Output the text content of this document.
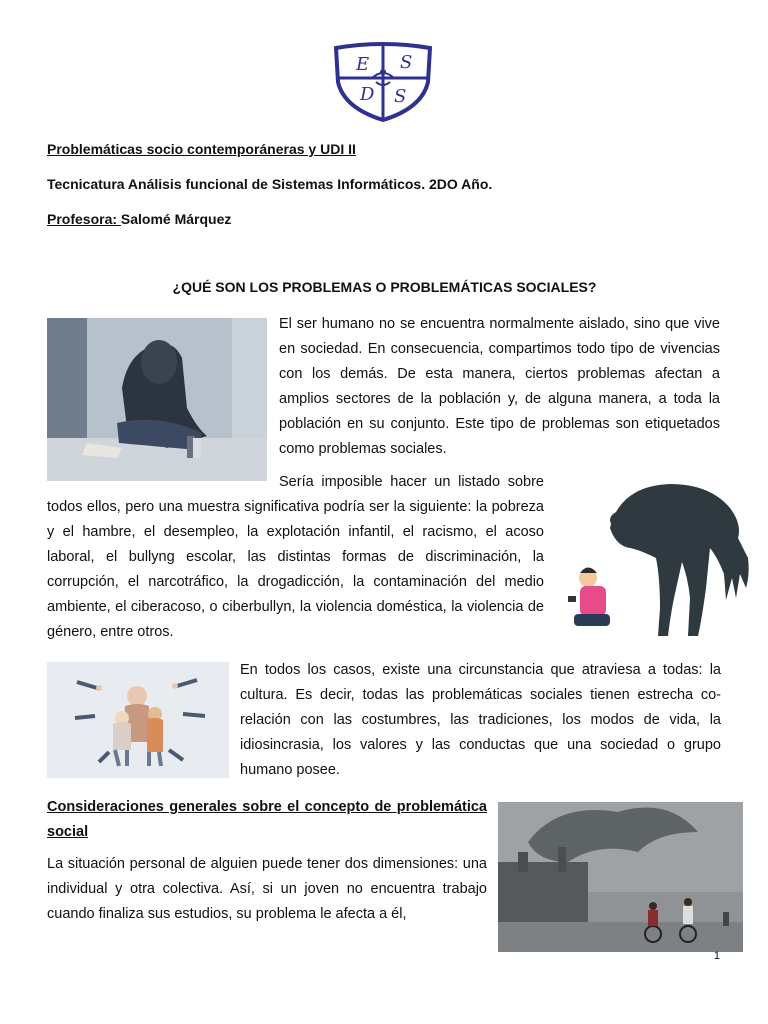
E S
D S
Problemáticas socio contemporáneras y UDI II
Tecnicatura Análisis funcional de Sistemas Informáticos. 2DO Año.
Profesora: Salomé Márquez
¿QUÉ SON LOS PROBLEMAS O PROBLEMÁTICAS SOCIALES?
El ser humano no se encuentra normalmente aislado, sino que vive en sociedad. En consecuencia, compartimos todo tipo de vivencias con los demás. De esta manera, ciertos problemas afectan a amplios sectores de la población y, de alguna manera, a toda la población en su conjunto. Este tipo de problemas son etiquetados como problemas sociales.
Sería imposible hacer un listado sobre todos ellos, pero una muestra significativa podría ser la siguiente: la pobreza y el hambre, el desempleo, la explotación infantil, el racismo, el acoso laboral, el bullyng escolar, las distintas formas de discriminación, la corrupción, el narcotráfico, la drogadicción, la contaminación del medio ambiente, el ciberacoso, o ciberbullyn, la violencia doméstica, la violencia de género, entre otros.
En todos los casos, existe una circunstancia que atraviesa a todas: la cultura. Es decir, todas las problemáticas sociales tienen estrecha co-relación con las costumbres, las tradiciones, los modos de vida, la idiosincrasia, los valores y las conductas que una sociedad o grupo humano posee.
Consideraciones generales sobre el concepto de problemática social
La situación personal de alguien puede tener dos dimensiones: una individual y otra colectiva. Así, si un joven no encuentra trabajo cuando finaliza sus estudios, su problema le afecta a él,
1
